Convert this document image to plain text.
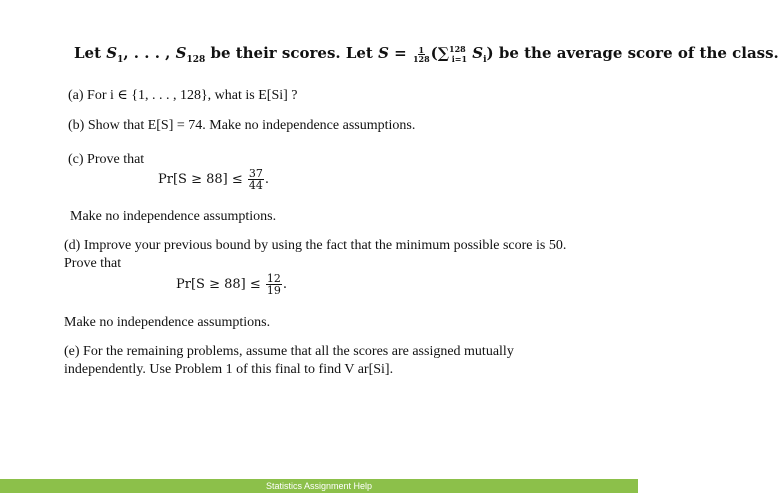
Let $S_1$, . . . , $S_{128}$ be their scores. Let $S = \frac{1}{128} (\sum^{128}_{i=1}$ $S_i$) be the average score of the class.
(a) For i ∈ {1, . . . , 128}, what is E[Si] ?
(b) Show that E[S] = 74. Make no independence assumptions.
(c) Prove that
$Pr[S \ge 88] \le \frac{37}{44}$ .
Make no independence assumptions.
(d) Improve your previous bound by using the fact that the minimum possible score is 50.
Prove that
$Pr[S \ge 88] \le \frac{12}{19}$ .
Make no independence assumptions.
(e) For the remaining problems, assume that all the scores are assigned mutually
independently. Use Problem 1 of this final to find V ar[Si].
Statistics Assignment Help
